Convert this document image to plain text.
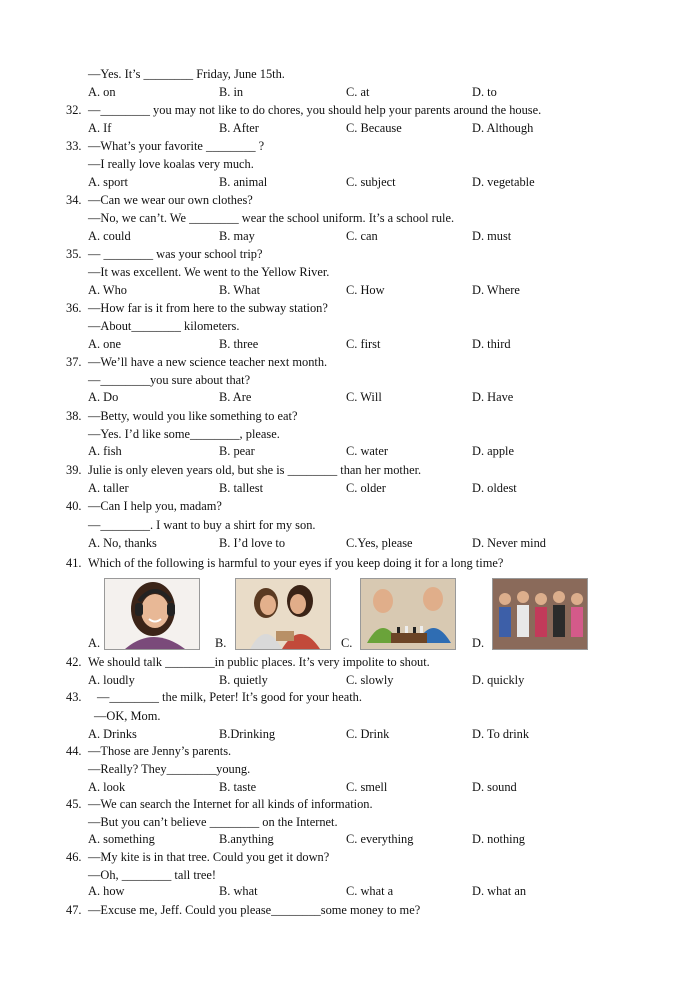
—Yes. It’s ________ Friday, June 15th.
A. on	B. in	C. at	D. to
32. —________ you may not like to do chores, you should help your parents around the house.
A. If	B. After	C. Because	D. Although
33. —What’s your favorite ________ ?
—I really love koalas very much.
A. sport	B. animal	C. subject	D. vegetable
34. —Can we wear our own clothes?
—No, we can’t. We ________ wear the school uniform. It’s a school rule.
A. could	B. may	C. can	D. must
35. — ________ was your school trip?
—It was excellent. We went to the Yellow River.
A. Who	B. What	C. How	D. Where
36. —How far is it from here to the subway station?
—About________ kilometers.
A. one	B. three	C. first	D. third
37. —We’ll have a new science teacher next month.
—________you sure about that?
A. Do	B. Are	C. Will	D. Have
38. —Betty, would you like something to eat?
—Yes. I’d like some________, please.
A. fish	B. pear	C. water	D. apple
39. Julie is only eleven years old, but she is ________ than her mother.
A. taller	B. tallest	C. older	D. oldest
40. —Can I help you, madam?
—________. I want to buy a shirt for my son.
A. No, thanks	B. I’d love to	C.Yes, please	D. Never mind
41. Which of the following is harmful to your eyes if you keep doing it for a long time?
A.	B.	C.	D.
42. We should talk ________in public places. It’s very impolite to shout.
A. loudly	B. quietly	C. slowly	D. quickly
43. —________ the milk, Peter! It’s good for your heath.
—OK, Mom.
A. Drinks	B.Drinking	C. Drink	D. To drink
44. —Those are Jenny’s parents.
—Really? They________young.
A. look	B. taste	C. smell	D. sound
45. —We can search the Internet for all kinds of information.
—But you can’t believe ________ on the Internet.
A. something	B.anything	C. everything	D. nothing
46. —My kite is in that tree. Could you get it down?
—Oh, ________ tall tree!
A. how	B. what	C. what a	D. what an
47. —Excuse me, Jeff. Could you please________some money to me?
